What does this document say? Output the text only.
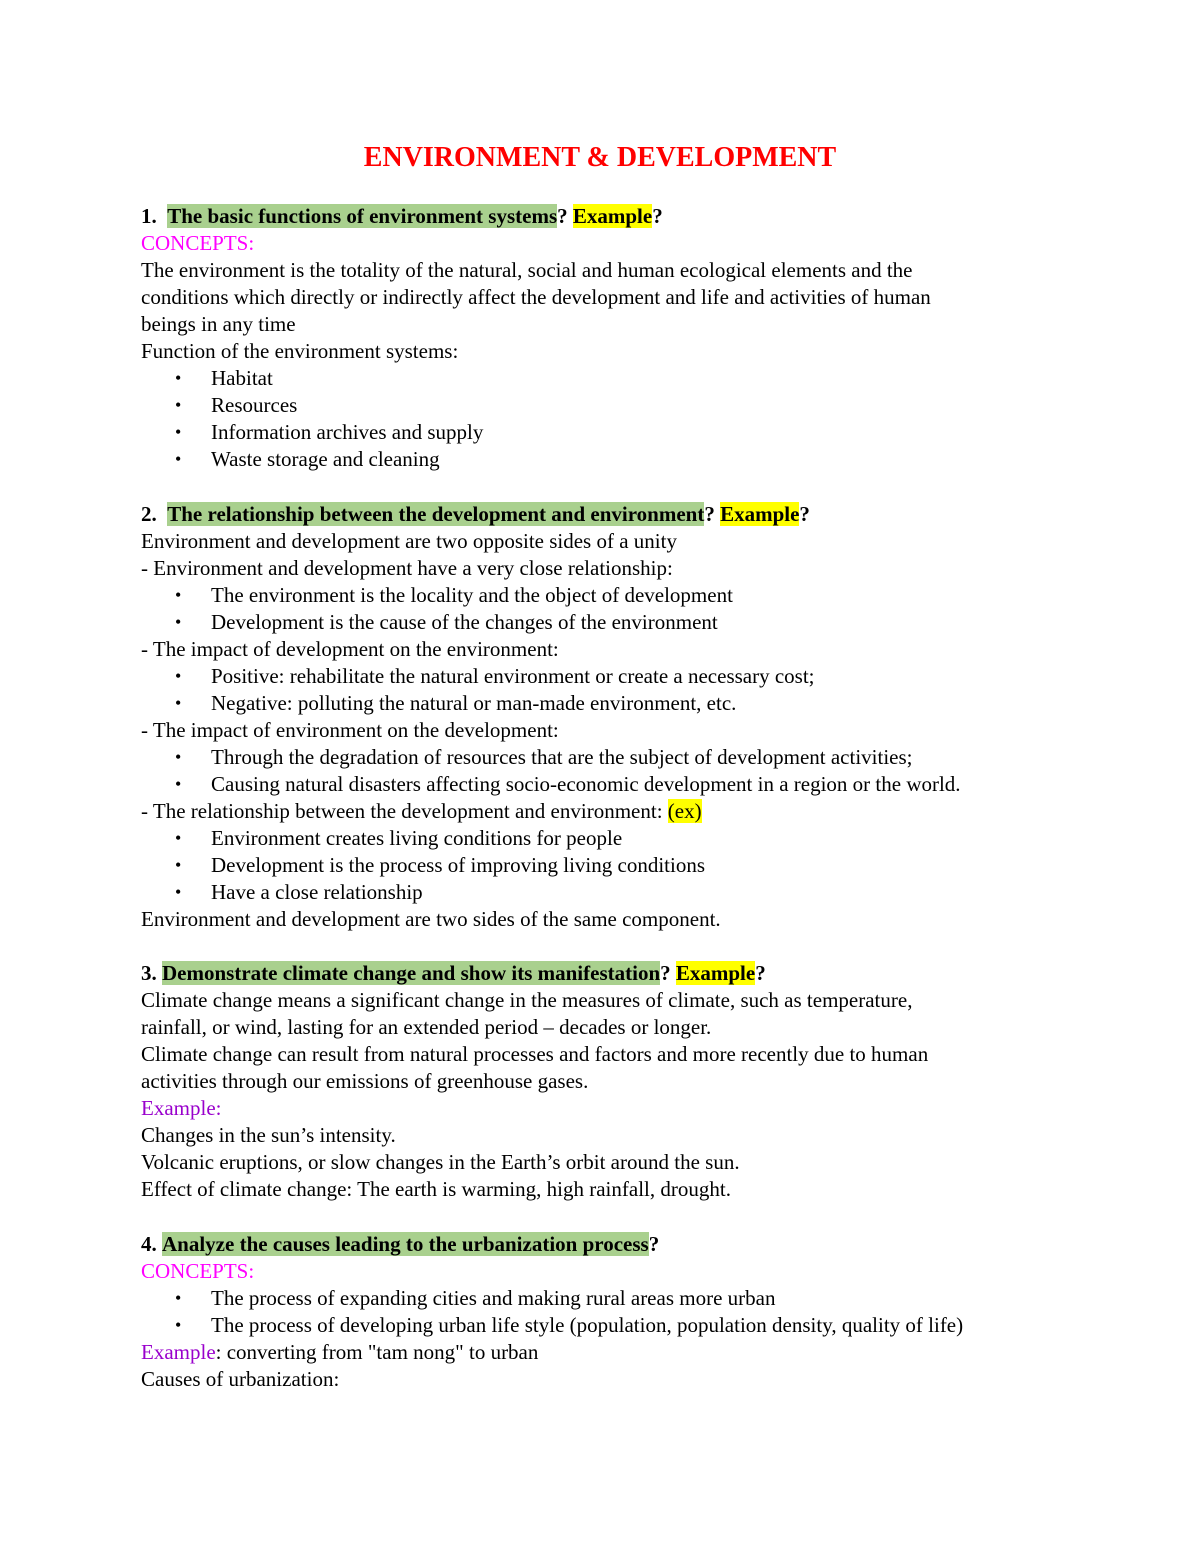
ENVIRONMENT & DEVELOPMENT
1. The basic functions of environment systems? Example?
CONCEPTS:
The environment is the totality of the natural, social and human ecological elements and the
conditions which directly or indirectly affect the development and life and activities of human
beings in any time
Function of the environment systems:
• Habitat
• Resources
• Information archives and supply
• Waste storage and cleaning
2. The relationship between the development and environment? Example?
Environment and development are two opposite sides of a unity
- Environment and development have a very close relationship:
• The environment is the locality and the object of development
• Development is the cause of the changes of the environment
- The impact of development on the environment:
• Positive: rehabilitate the natural environment or create a necessary cost;
• Negative: polluting the natural or man-made environment, etc.
- The impact of environment on the development:
• Through the degradation of resources that are the subject of development activities;
• Causing natural disasters affecting socio-economic development in a region or the world.
- The relationship between the development and environment: (ex)
• Environment creates living conditions for people
• Development is the process of improving living conditions
• Have a close relationship
Environment and development are two sides of the same component.
3. Demonstrate climate change and show its manifestation? Example?
Climate change means a significant change in the measures of climate, such as temperature,
rainfall, or wind, lasting for an extended period – decades or longer.
Climate change can result from natural processes and factors and more recently due to human
activities through our emissions of greenhouse gases.
Example:
Changes in the sun’s intensity.
Volcanic eruptions, or slow changes in the Earth’s orbit around the sun.
Effect of climate change: The earth is warming, high rainfall, drought.
4. Analyze the causes leading to the urbanization process?
CONCEPTS:
• The process of expanding cities and making rural areas more urban
• The process of developing urban life style (population, population density, quality of life)
Example: converting from "tam nong" to urban
Causes of urbanization:
